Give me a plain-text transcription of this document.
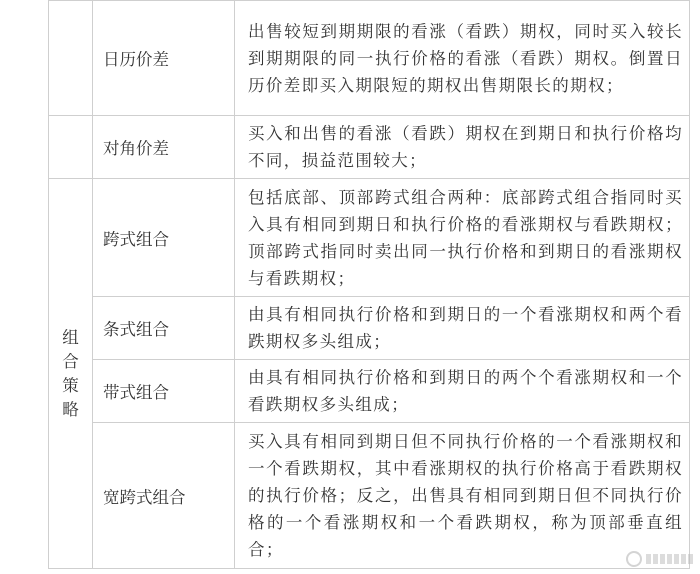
	日历价差	出售较短到期期限的看涨（看跌）期权，同时买入较长到期期限的同一执行价格的看涨（看跌）期权。倒置日历价差即买入期限短的期权出售期限长的期权；
	对角价差	买入和出售的看涨（看跌）期权在到期日和执行价格均不同，损益范围较大；
组合策略	跨式组合	包括底部、顶部跨式组合两种：底部跨式组合指同时买入具有相同到期日和执行价格的看涨期权与看跌期权；顶部跨式指同时卖出同一执行价格和到期日的看涨期权与看跌期权；
	条式组合	由具有相同执行价格和到期日的一个看涨期权和两个看跌期权多头组成；
	带式组合	由具有相同执行价格和到期日的两个个看涨期权和一个看跌期权多头组成；
	宽跨式组合	买入具有相同到期日但不同执行价格的一个看涨期权和一个看跌期权，其中看涨期权的执行价格高于看跌期权的执行价格；反之，出售具有相同到期日但不同执行价格的一个看涨期权和一个看跌期权，称为顶部垂直组合；
